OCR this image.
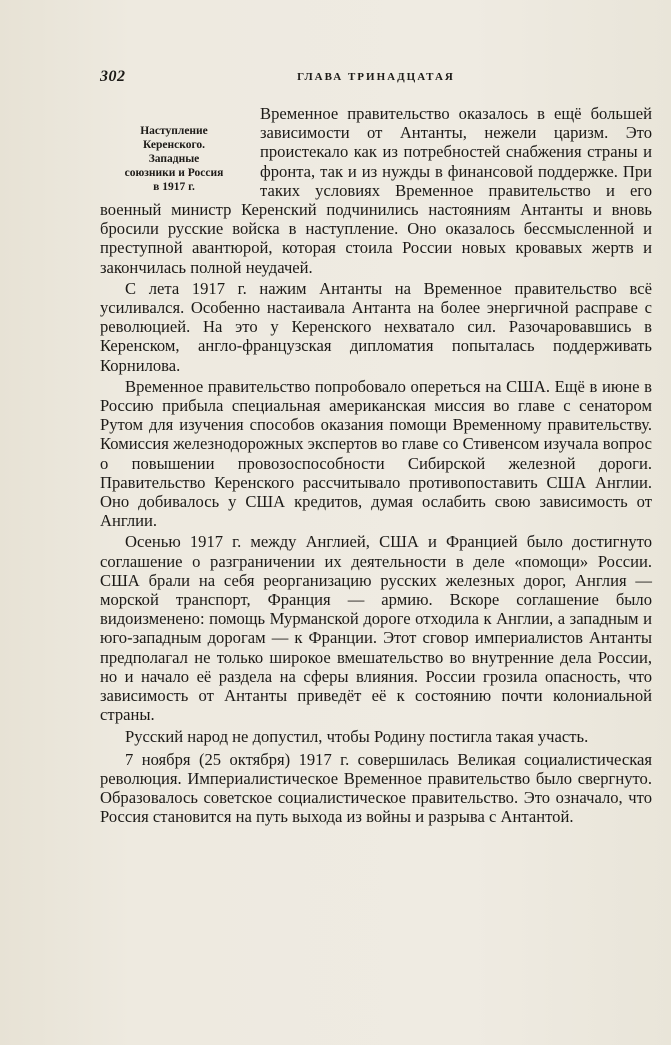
302	ГЛАВА ТРИНАДЦАТАЯ
Наступление
Керенского.
Западные
союзники и Россия
в 1917 г.

Временное правительство оказалось в ещё большей зависимости от Антанты, нежели царизм. Это проистекало как из потребностей снабжения страны и фронта, так и из нужды в финансовой поддержке. При таких условиях Временное правительство и его военный министр Керенский подчинились настояниям Антанты и вновь бросили русские войска в наступление. Оно оказалось бессмысленной и преступной авантюрой, которая стоила России новых кровавых жертв и закончилась полной неудачей.

С лета 1917 г. нажим Антанты на Временное правительство всё усиливался. Особенно настаивала Антанта на более энергичной расправе с революцией. На это у Керенского нехватало сил. Разочаровавшись в Керенском, англо-французская дипломатия попыталась поддерживать Корнилова.

Временное правительство попробовало опереться на США. Ещё в июне в Россию прибыла специальная американская миссия во главе с сенатором Рутом для изучения способов оказания помощи Временному правительству. Комиссия железнодорожных экспертов во главе со Стивенсом изучала вопрос о повышении провозоспособности Сибирской железной дороги. Правительство Керенского рассчитывало противопоставить США Англии. Оно добивалось у США кредитов, думая ослабить свою зависимость от Англии.

Осенью 1917 г. между Англией, США и Францией было достигнуто соглашение о разграничении их деятельности в деле «помощи» России. США брали на себя реорганизацию русских железных дорог, Англия — морской транспорт, Франция — армию. Вскоре соглашение было видоизменено: помощь Мурманской дороге отходила к Англии, а западным и юго-западным дорогам — к Франции. Этот сговор империалистов Антанты предполагал не только широкое вмешательство во внутренние дела России, но и начало её раздела на сферы влияния. России грозила опасность, что зависимость от Антанты приведёт её к состоянию почти колониальной страны.

Русский народ не допустил, чтобы Родину постигла такая участь.

7 ноября (25 октября) 1917 г. совершилась Великая социалистическая революция. Империалистическое Временное правительство было свергнуто. Образовалось советское социалистическое правительство. Это означало, что Россия становится на путь выхода из войны и разрыва с Антантой.
